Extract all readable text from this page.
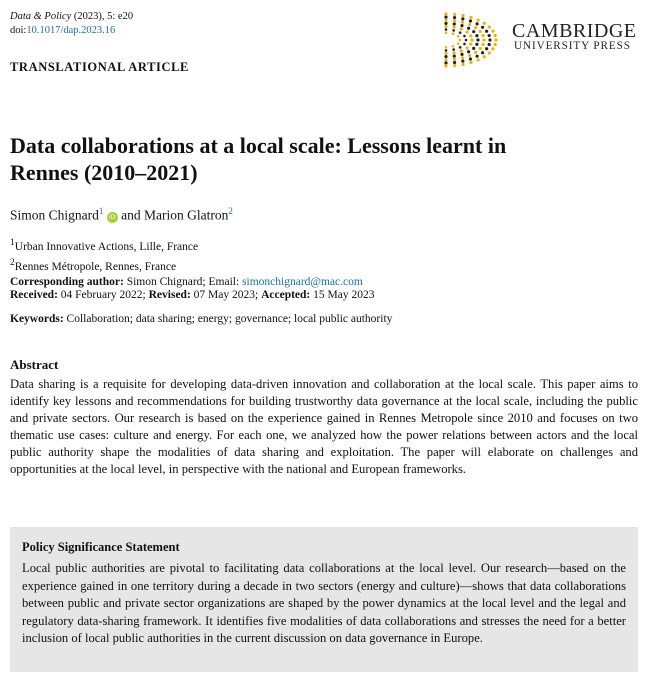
Data & Policy (2023), 5: e20
doi:10.1017/dap.2023.16	CAMBRIDGE
UNIVERSITY PRESS
TRANSLATIONAL ARTICLE
Data collaborations at a local scale: Lessons learnt in Rennes (2010–2021)
Simon Chignard$^1$ iD and Marion Glatron$^2$
$^1$Urban Innovative Actions, Lille, France
$^2$Rennes Métropole, Rennes, France
Corresponding author: Simon Chignard; Email: simonchignard@mac.com
Received: 04 February 2022; Revised: 07 May 2023; Accepted: 15 May 2023
Keywords: Collaboration; data sharing; energy; governance; local public authority
Abstract
Data sharing is a requisite for developing data-driven innovation and collaboration at the local scale. This paper aims to identify key lessons and recommendations for building trustworthy data governance at the local scale, including the public and private sectors. Our research is based on the experience gained in Rennes Metropole since 2010 and focuses on two thematic use cases: culture and energy. For each one, we analyzed how the power relations between actors and the local public authority shape the modalities of data sharing and exploitation. The paper will elaborate on challenges and opportunities at the local level, in perspective with the national and European frameworks.
Policy Significance Statement
Local public authorities are pivotal to facilitating data collaborations at the local level. Our research—based on the experience gained in one territory during a decade in two sectors (energy and culture)—shows that data collaborations between public and private sector organizations are shaped by the power dynamics at the local level and the legal and regulatory data-sharing framework. It identifies five modalities of data collaborations and stresses the need for a better inclusion of local public authorities in the current discussion on data governance in Europe.
